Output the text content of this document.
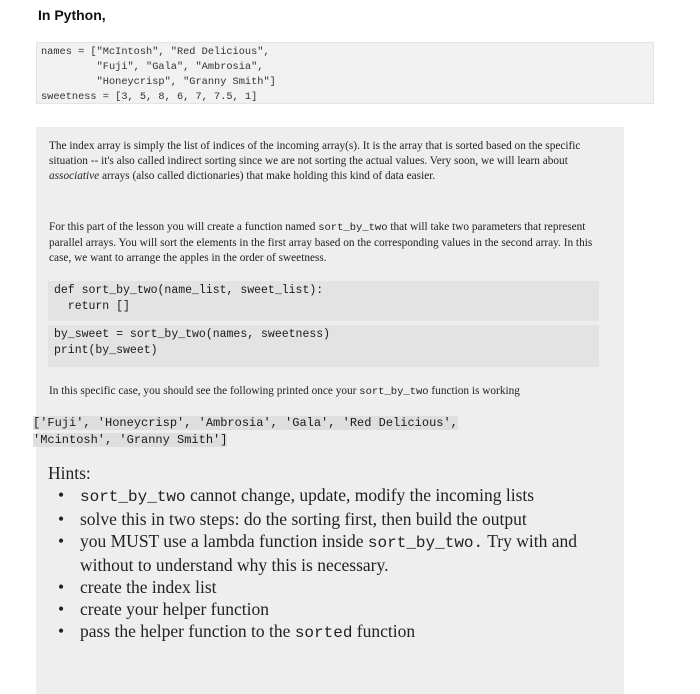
In Python,
names = ["McIntosh", "Red Delicious",
"Fuji", "Gala", "Ambrosia",
"Honeycrisp", "Granny Smith"]
sweetness = [3, 5, 8, 6, 7, 7.5, 1]
The index array is simply the list of indices of the incoming array(s). It is the array that is sorted based on the specific situation -- it's also called indirect sorting since we are not sorting the actual values. Very soon, we will learn about associative arrays (also called dictionaries) that make holding this kind of data easier.
For this part of the lesson you will create a function named sort_by_two that will take two parameters that represent parallel arrays. You will sort the elements in the first array based on the corresponding values in the second array. In this case, we want to arrange the apples in the order of sweetness.
def sort_by_two(name_list, sweet_list):
return []
by_sweet = sort_by_two(names, sweetness)
print(by_sweet)
In this specific case, you should see the following printed once your sort_by_two function is working
['Fuji', 'Honeycrisp', 'Ambrosia', 'Gala', 'Red Delicious',
'Mcintosh', 'Granny Smith']
Hints:
• sort_by_two cannot change, update, modify the incoming lists
• solve this in two steps: do the sorting first, then build the output
• you MUST use a lambda function inside sort_by_two. Try with and without to understand why this is necessary.
• create the index list
• create your helper function
• pass the helper function to the sorted function
